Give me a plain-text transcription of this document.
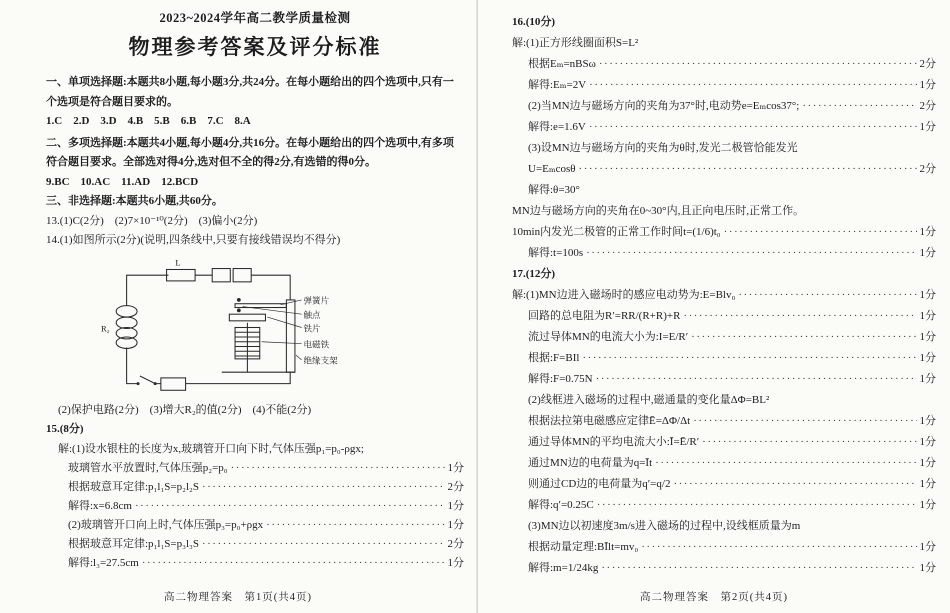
2023~2024学年高二教学质量检测
物理参考答案及评分标准
一、单项选择题:本题共8小题,每小题3分,共24分。在每小题给出的四个选项中,只有一
个选项是符合题目要求的。
1.C　2.D　3.D　4.B　5.B　6.B　7.C　8.A
二、多项选择题:本题共4小题,每小题4分,共16分。在每小题给出的四个选项中,有多项
符合题目要求。全部选对得4分,选对但不全的得2分,有选错的得0分。
9.BC　10.AC　11.AD　12.BCD
三、非选择题:本题共6小题,共60分。
13.(1)C(2分)　(2)7×10⁻¹⁰(2分)　(3)偏小(2分)
14.(1)如图所示(2分)(说明,四条线中,只要有接线错误均不得分)
L
R₂
弹簧片
触点
铁片
电磁铁
绝缘支架
(2)保护电路(2分)　(3)增大R₂的值(2分)　(4)不能(2分)
15.(8分)
解:(1)设水银柱的长度为x,玻璃管开口向下时,气体压强p₁=p₀-ρgx;
玻璃管水平放置时,气体压强p₂=p₀ ·····	1分
根据玻意耳定律:p₁l₁S=p₂l₂S ·····	2分
解得:x=6.8cm ·····	1分
(2)玻璃管开口向上时,气体压强p₃=p₀+ρgx ·····	1分
根据玻意耳定律:p₁l₁S=p₃l₃S ·····	2分
解得:l₃=27.5cm ·····	1分
高二物理答案　第1页(共4页)
16.(10分)
解:(1)正方形线圈面积S=L²
根据Eₘ=nBSω ·····	2分
解得:Eₘ=2V ·····	1分
(2)当MN边与磁场方向的夹角为37°时,电动势e=Eₘcos37°; ·····	2分
解得:e=1.6V ·····	1分
(3)设MN边与磁场方向的夹角为θ时,发光二极管恰能发光
U=Eₘcosθ ·····	2分
解得:θ=30°
MN边与磁场方向的夹角在0~30°内,且正向电压时,正常工作。
10min内发光二极管的正常工作时间t=(1/6)t₀ ·····	1分
解得:t=100s ·····	1分
17.(12分)
解:(1)MN边进入磁场时的感应电动势为:E=Blv₀ ·····	1分
回路的总电阻为R′=RR/(R+R)+R ·····	1分
流过导体MN的电流大小为:I=E/R′ ·····	1分
根据:F=BIl ·····	1分
解得:F=0.75N ·····	1分
(2)线框进入磁场的过程中,磁通量的变化量ΔΦ=BL²
根据法拉第电磁感应定律Ē=ΔΦ/Δt ·····	1分
通过导体MN的平均电流大小:Ī=Ē/R′ ·····	1分
通过MN边的电荷量为q=Īt ·····	1分
则通过CD边的电荷量为q′=q/2 ·····	1分
解得:q′=0.25C ·····	1分
(3)MN边以初速度3m/s进入磁场的过程中,设线框质量为m
根据动量定理:BĪlt=mv₀ ·····	1分
解得:m=1/24kg ·····	1分
高二物理答案　第2页(共4页)
